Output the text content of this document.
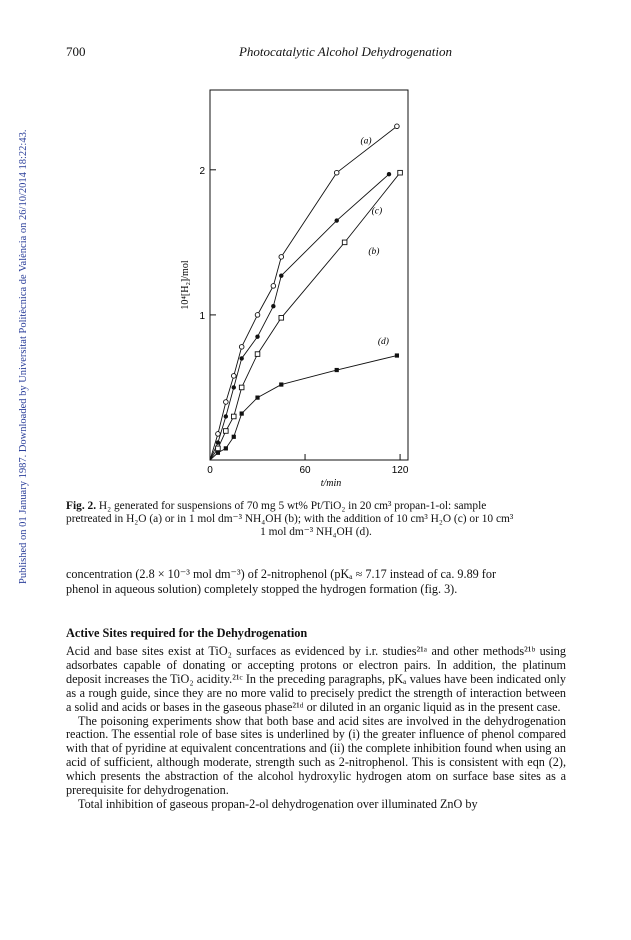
Published on 01 January 1987. Downloaded by Universitat Politècnica de València on 26/10/2014 18:22:43.
700	Photocatalytic Alcohol Dehydrogenation
0	60	120
1
2
t/min
10⁴[H₂]/mol
(a)
(c)
(b)
(d)
Fig. 2. H₂ generated for suspensions of 70 mg 5 wt% Pt/TiO₂ in 20 cm³ propan-1-ol: sample
pretreated in H₂O (a) or in 1 mol dm⁻³ NH₄OH (b); with the addition of 10 cm³ H₂O (c) or 10 cm³
1 mol dm⁻³ NH₄OH (d).
concentration (2.8 × 10⁻³ mol dm⁻³) of 2-nitrophenol (pKₐ ≈ 7.17 instead of ca. 9.89 for
phenol in aqueous solution) completely stopped the hydrogen formation (fig. 3).
Active Sites required for the Dehydrogenation

Acid and base sites exist at TiO₂ surfaces as evidenced by i.r. studies²¹ᵃ and other methods²¹ᵇ using adsorbates capable of donating or accepting protons or electron pairs. In addition, the platinum deposit increases the TiO₂ acidity.²¹ᶜ In the preceding paragraphs, pKₐ values have been indicated only as a rough guide, since they are no more valid to precisely predict the strength of interaction between a solid and acids or bases in the gaseous phase²¹ᵈ or diluted in an organic liquid as in the present case.

The poisoning experiments show that both base and acid sites are involved in the dehydrogenation reaction. The essential role of base sites is underlined by (i) the greater influence of phenol compared with that of pyridine at equivalent concentrations and (ii) the complete inhibition found when using an acid of sufficient, although moderate, strength such as 2-nitrophenol. This is consistent with eqn (2), which presents the abstraction of the alcohol hydroxylic hydrogen atom on surface base sites as a prerequisite for dehydrogenation.

Total inhibition of gaseous propan-2-ol dehydrogenation over illuminated ZnO by
